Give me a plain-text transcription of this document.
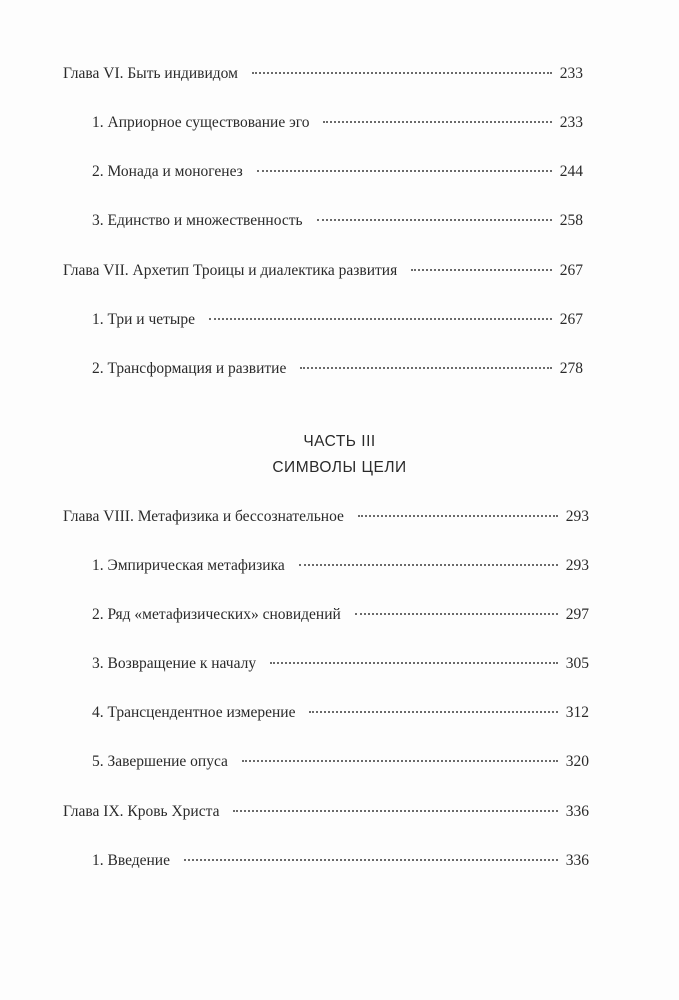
Глава VI. Быть индивидом	233
1. Априорное существование эго	233
2. Монада и моногенез	244
3. Единство и множественность	258
Глава VII. Архетип Троицы и диалектика развития	267
1. Три и четыре	267
2. Трансформация и развитие	278
ЧАСТЬ III
СИМВОЛЫ ЦЕЛИ
Глава VIII. Метафизика и бессознательное	293
1. Эмпирическая метафизика	293
2. Ряд «метафизических» сновидений	297
3. Возвращение к началу	305
4. Трансцендентное измерение	312
5. Завершение опуса	320
Глава IX. Кровь Христа	336
1. Введение	336
